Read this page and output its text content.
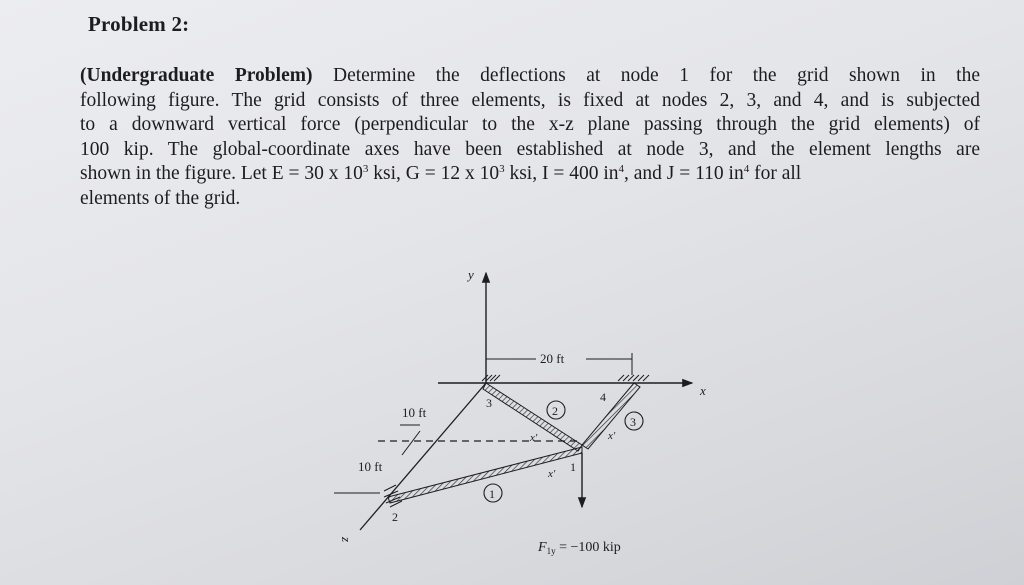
Problem 2:
(Undergraduate Problem) Determine the deflections at node 1 for the grid shown in the
following figure. The grid consists of three elements, is fixed at nodes 2, 3, and 4, and is subjected
to a downward vertical force (perpendicular to the x-z plane passing through the grid elements) of
100 kip. The global-coordinate axes have been established at node 3, and the element lengths are
shown in the figure. Let E = 30 x $10^3$ ksi, G = 12 x $10^3$ ksi, I = 400 $in^4$, and J = 110 $in^4$ for all
elements of the grid.
y
x
20 ft
z
10 ft
10 ft
3	4
1
2
2
3
1
x′	x′
x′
$F_{1y} = -100$ kip
